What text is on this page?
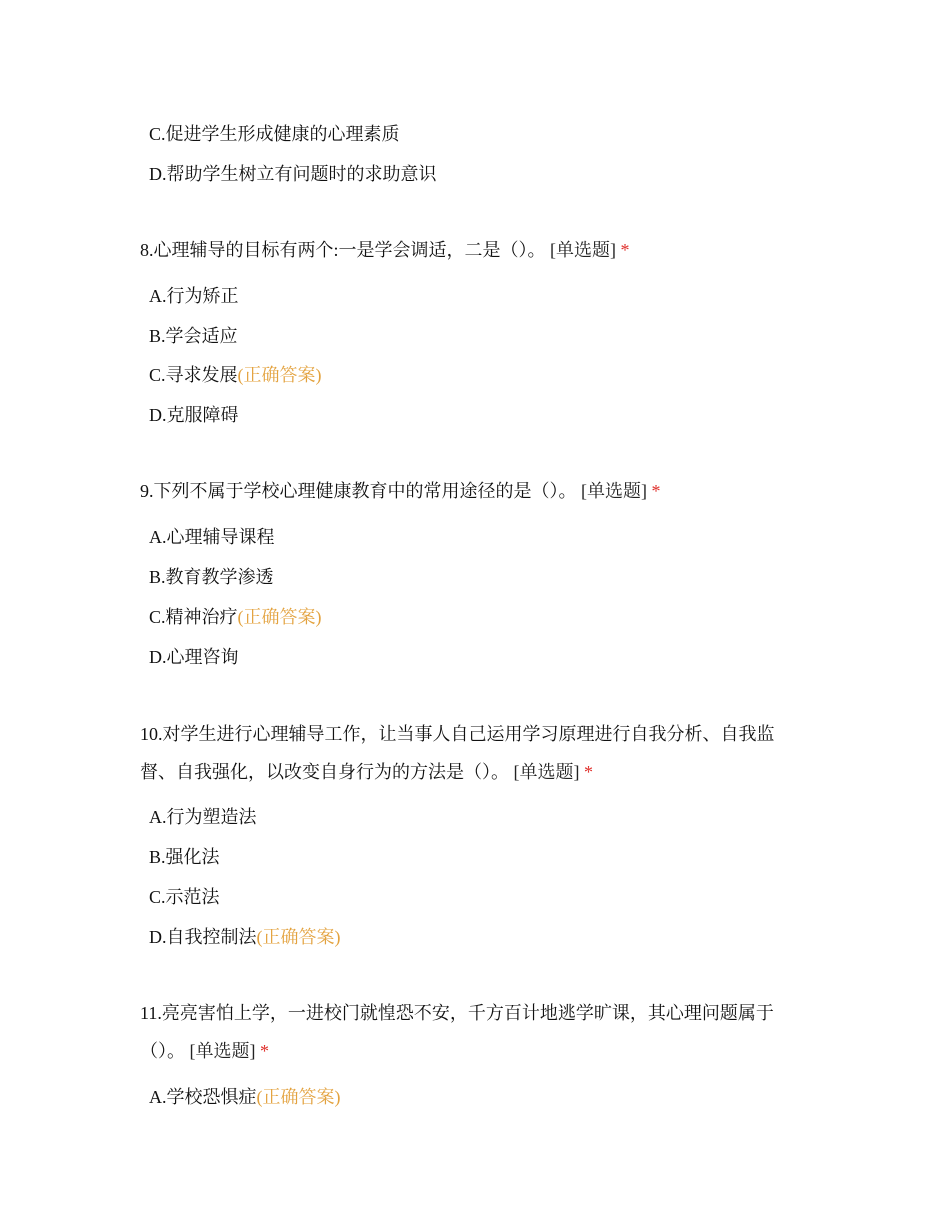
C.促进学生形成健康的心理素质
D.帮助学生树立有问题时的求助意识
8.心理辅导的目标有两个:一是学会调适，二是（）。 [单选题] *
A.行为矫正
B.学会适应
C.寻求发展(正确答案)
D.克服障碍
9.下列不属于学校心理健康教育中的常用途径的是（）。 [单选题] *
A.心理辅导课程
B.教育教学渗透
C.精神治疗(正确答案)
D.心理咨询
10.对学生进行心理辅导工作，让当事人自己运用学习原理进行自我分析、自我监督、自我强化，以改变自身行为的方法是（）。 [单选题] *
A.行为塑造法
B.强化法
C.示范法
D.自我控制法(正确答案)
11.亮亮害怕上学，一进校门就惶恐不安，千方百计地逃学旷课，其心理问题属于（）。 [单选题] *
A.学校恐惧症(正确答案)
